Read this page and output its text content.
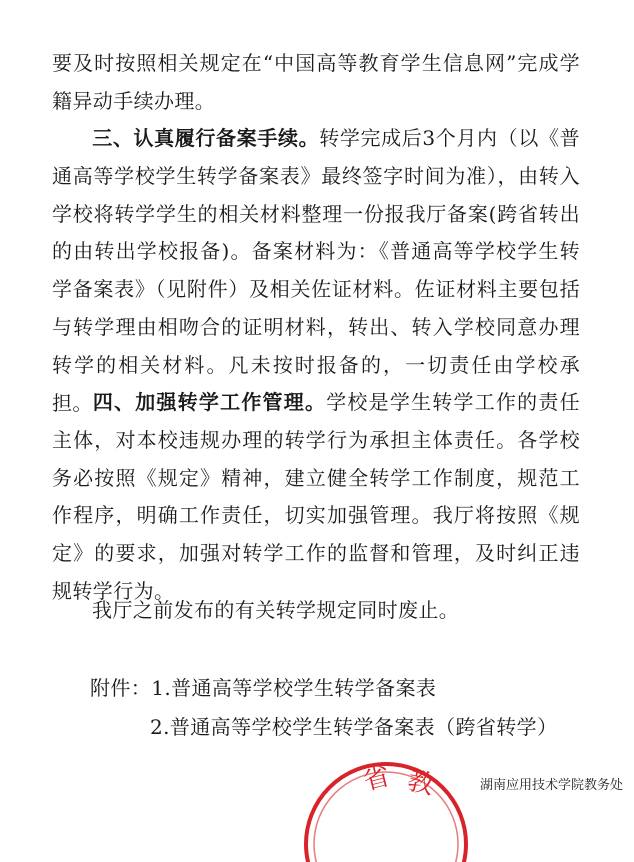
要及时按照相关规定在“中国高等教育学生信息网”完成学籍异动手续办理。

三、认真履行备案手续。转学完成后3个月内（以《普通高等学校学生转学备案表》最终签字时间为准），由转入学校将转学学生的相关材料整理一份报我厅备案(跨省转出的由转出学校报备)。备案材料为：《普通高等学校学生转学备案表》（见附件）及相关佐证材料。佐证材料主要包括与转学理由相吻合的证明材料，转出、转入学校同意办理转学的相关材料。凡未按时报备的，一切责任由学校承担。 四、加强转学工作管理。学校是学生转学工作的责任主体，对本校违规办理的转学行为承担主体责任。各学校务必按照《规定》精神，建立健全转学工作制度，规范工作程序，明确工作责任，切实加强管理。我厅将按照《规定》的要求，加强对转学工作的监督和管理，及时纠正违规转学行为。

我厅之前发布的有关转学规定同时废止。

附件：1.普通高等学校学生转学备案表
2.普通高等学校学生转学备案表（跨省转学）
省 教	湖南应用技术学院教务处
